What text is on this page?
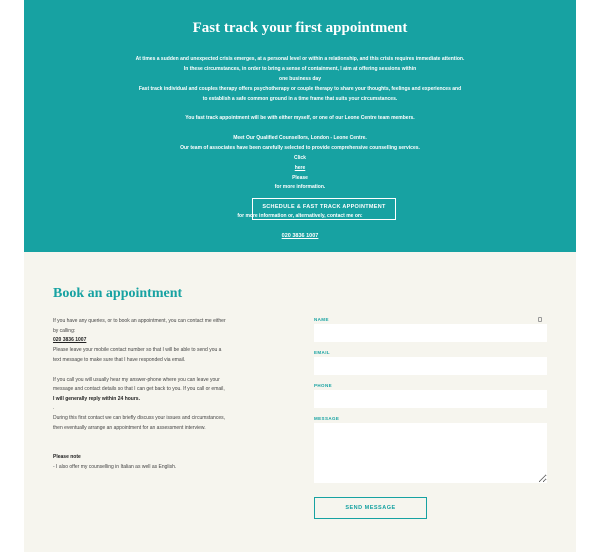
Fast track your first appointment
At times a sudden and unexpected crisis emerges, at a personal level or within a relationship, and this crisis requires immediate attention.
In these circumstances, in order to bring a sense of containment, I aim at offering sessions within
one business day
Fast track individual and couples therapy offers psychotherapy or couple therapy to share your thoughts, feelings and experiences and
to establish a safe common ground in a time frame that suits your circumstances.
You fast track appointment will be with either myself, or one of our Leone Centre team members.
Meet Our Qualified Counsellors, London - Leone Centre.
Our team of associates have been carefully selected to provide comprehensive counselling services.
Click
here
Please
for more information.
SCHEDULE & FAST TRACK APPOINTMENT
for more information or, alternatively, contact me on:
020 3836 1007
Book an appointment
If you have any queries, or to book an appointment, you can contact me either
by calling:
020 3836 1007
Please leave your mobile contact number so that I will be able to send you a
text message to make sure that I have responded via email.
If you call you will usually hear my answer-phone where you can leave your
message and contact details so that I can get back to you. If you call or email,
I will generally reply within 24 hours.
.
During this first contact we can briefly discuss your issues and circumstances,
then eventually arrange an appointment for an assessment interview.
Please note
- I also offer my counselling in Italian as well as English.
NAME
EMAIL
PHONE
MESSAGE
SEND MESSAGE
